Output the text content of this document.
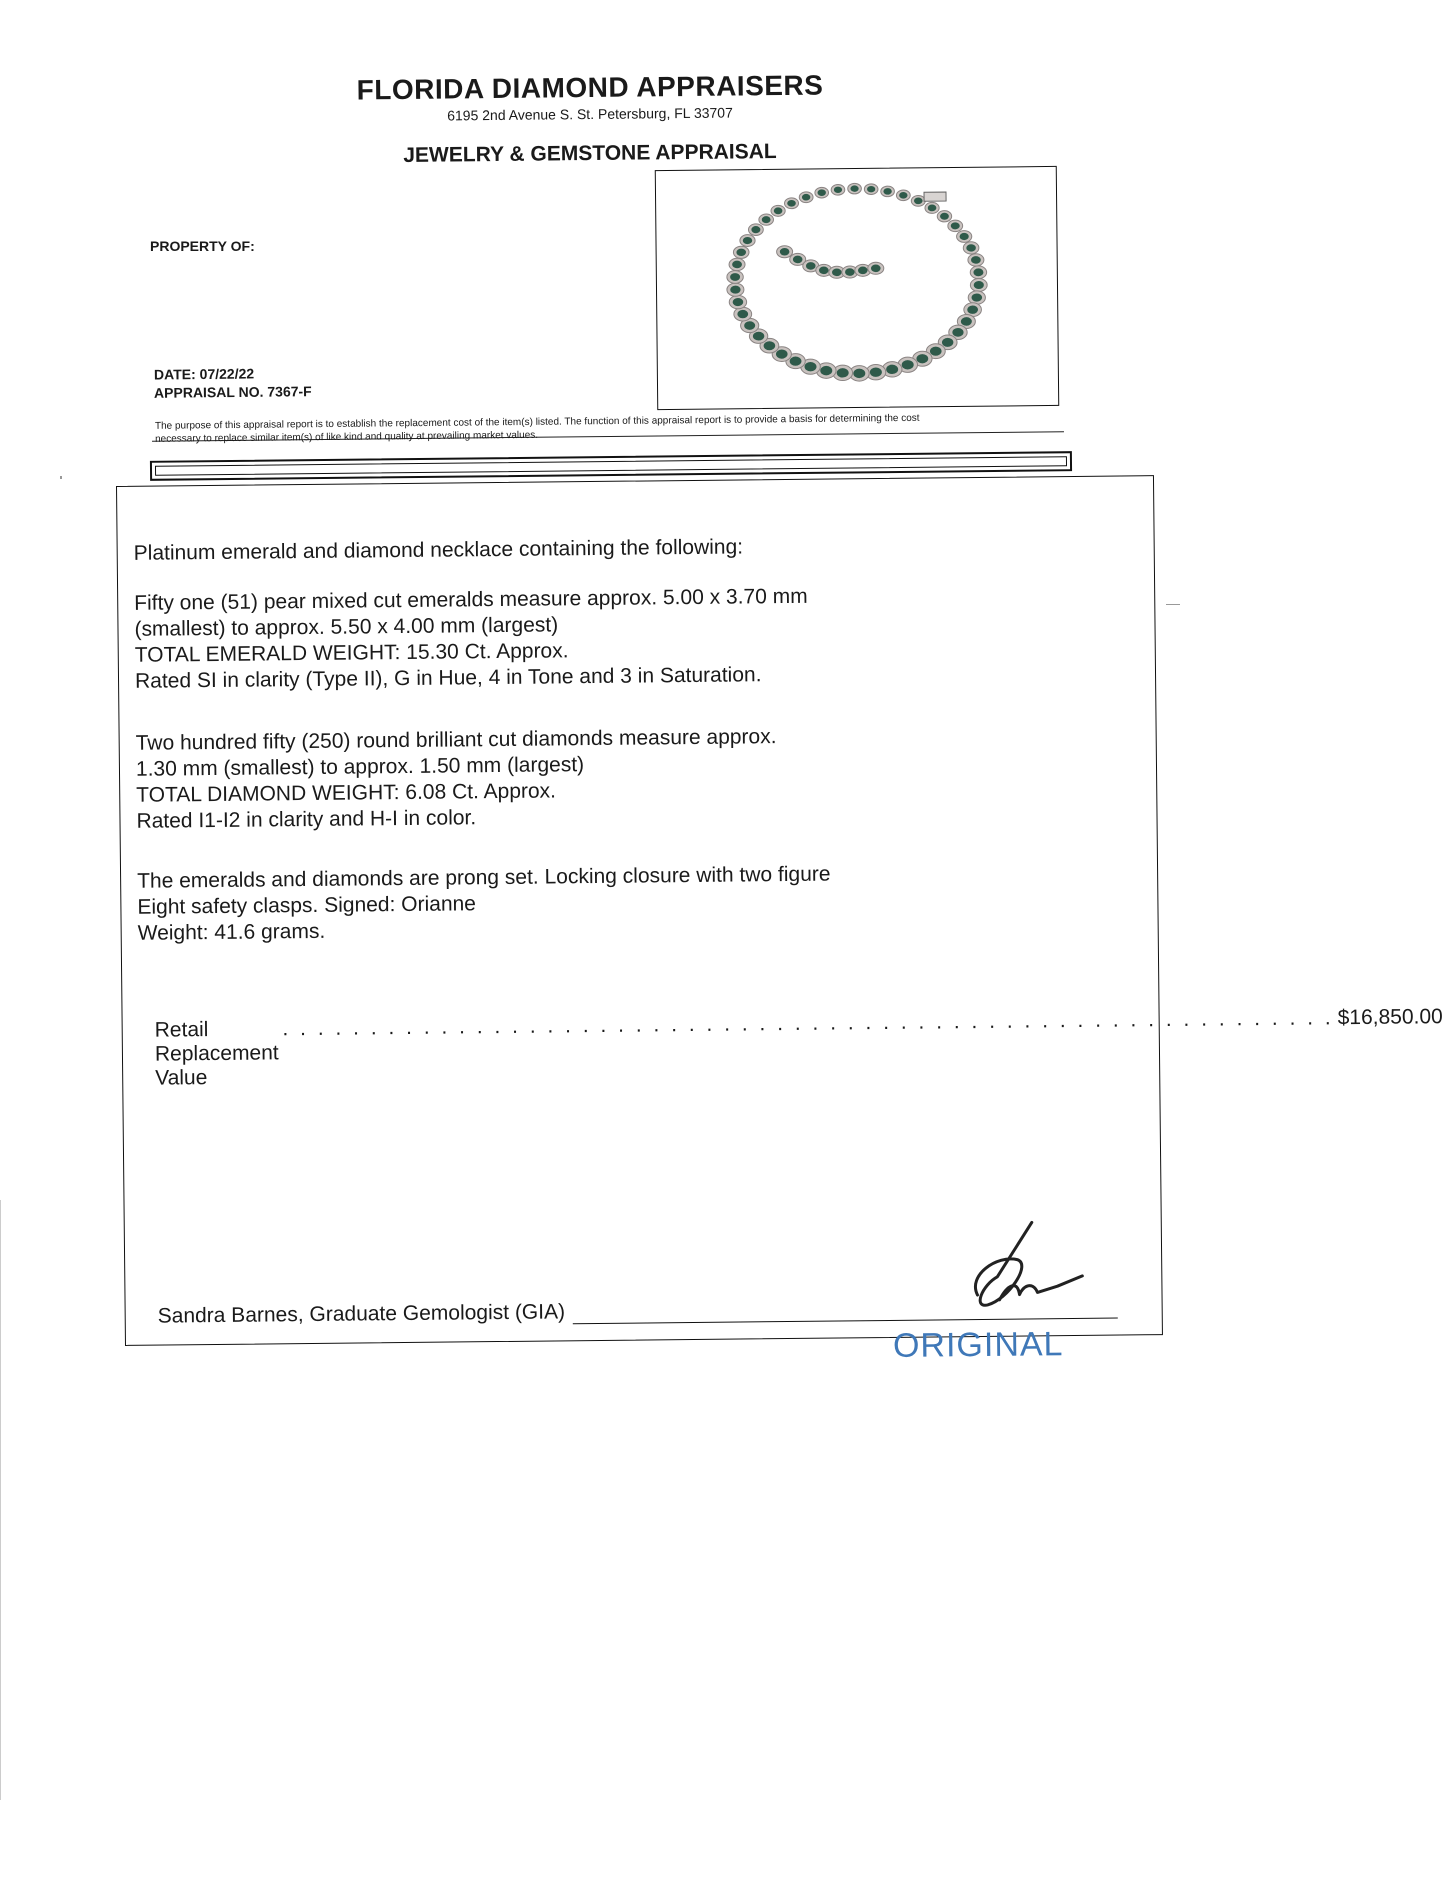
FLORIDA DIAMOND APPRAISERS
6195 2nd Avenue S. St. Petersburg, FL 33707
JEWELRY & GEMSTONE APPRAISAL
PROPERTY OF:
DATE: 07/22/22
APPRAISAL NO. 7367-F
The purpose of this appraisal report is to establish the replacement cost of the item(s) listed. The function of this appraisal report is to provide a basis for determining the cost
necessary to replace similar item(s) of like kind and quality at prevailing market values.
Platinum emerald and diamond necklace containing the following:

Fifty one (51) pear mixed cut emeralds measure approx. 5.00 x 3.70 mm

(smallest) to approx. 5.50 x 4.00 mm (largest)

TOTAL EMERALD WEIGHT: 15.30 Ct. Approx.

Rated SI in clarity (Type II), G in Hue, 4 in Tone and 3 in Saturation.

Two hundred fifty (250) round brilliant cut diamonds measure approx.

1.30 mm (smallest) to approx. 1.50 mm (largest)

TOTAL DIAMOND WEIGHT: 6.08 Ct. Approx.

Rated I1-I2 in clarity and H-I in color.

The emeralds and diamonds are prong set. Locking closure with two figure

Eight safety clasps. Signed: Orianne

Weight: 41.6 grams.

Retail Replacement Value
. . . . . . . . . . . . . . . . . . . . . . . . . . . . . . . . . . . . . . . . . . . . . . . . . . . . . . . . . . . . $16,850.00
Sandra Barnes, Graduate Gemologist (GIA)
ORIGINAL
